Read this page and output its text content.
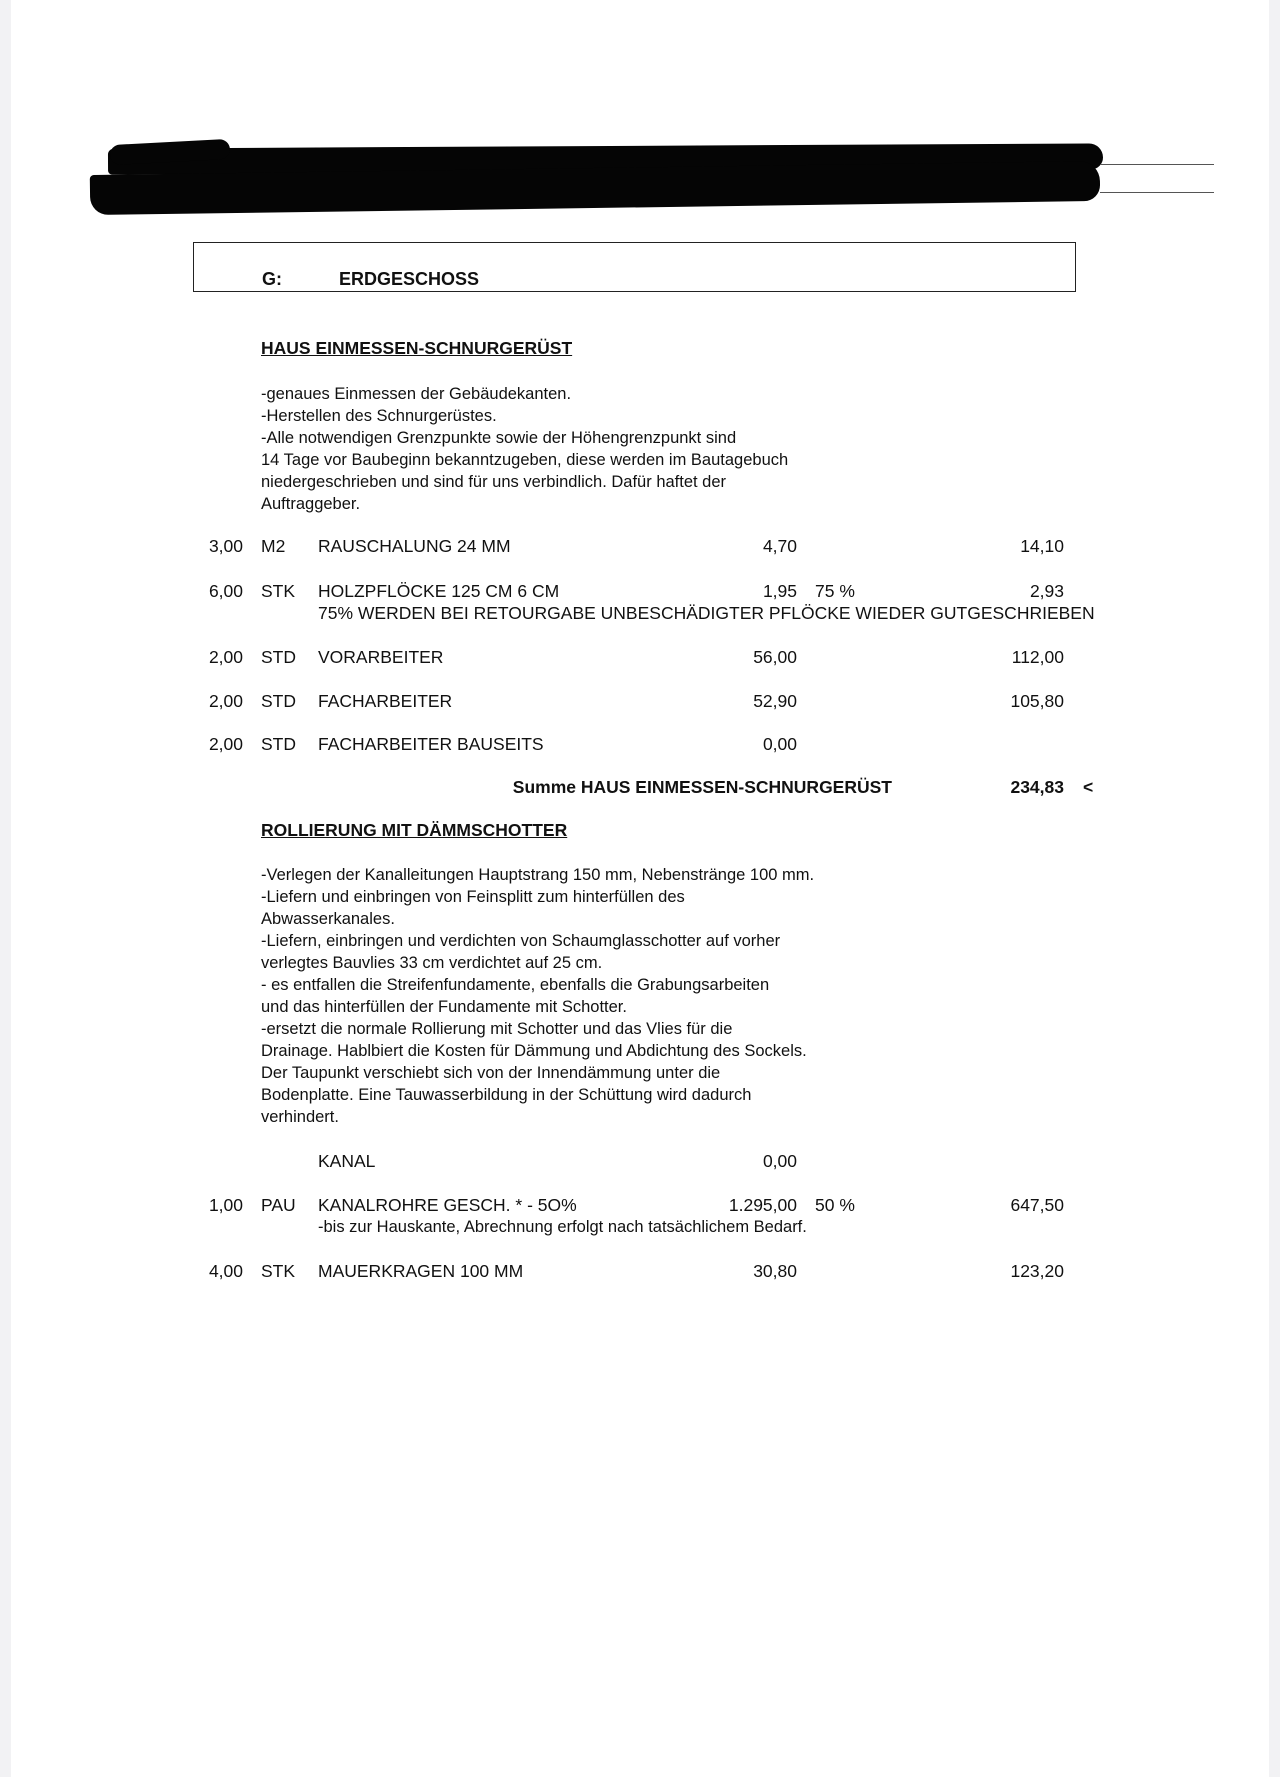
G:	ERDGESCHOSS
HAUS EINMESSEN-SCHNURGERÜST
-genaues Einmessen der Gebäudekanten.
-Herstellen des Schnurgerüstes.
-Alle notwendigen Grenzpunkte sowie der Höhengrenzpunkt sind
14 Tage vor Baubeginn bekanntzugeben, diese werden im Bautagebuch
niedergeschrieben und sind für uns verbindlich. Dafür haftet der
Auftraggeber.
3,00 M2 RAUSCHALUNG 24 MM	4,70	14,10
6,00 STK HOLZPFLÖCKE 125 CM 6 CM	1,95 75 %	2,93
75% WERDEN BEI RETOURGABE UNBESCHÄDIGTER PFLÖCKE WIEDER GUTGESCHRIEBEN
2,00 STD VORARBEITER	56,00	112,00
2,00 STD FACHARBEITER	52,90	105,80
2,00 STD FACHARBEITER BAUSEITS	0,00
Summe HAUS EINMESSEN-SCHNURGERÜST	234,83 <
ROLLIERUNG MIT DÄMMSCHOTTER
-Verlegen der Kanalleitungen Hauptstrang 150 mm, Nebenstränge 100 mm.
-Liefern und einbringen von Feinsplitt zum hinterfüllen des
Abwasserkanales.
-Liefern, einbringen und verdichten von Schaumglasschotter auf vorher
verlegtes Bauvlies 33 cm verdichtet auf 25 cm.
- es entfallen die Streifenfundamente, ebenfalls die Grabungsarbeiten
und das hinterfüllen der Fundamente mit Schotter.
-ersetzt die normale Rollierung mit Schotter und das Vlies für die
Drainage. Hablbiert die Kosten für Dämmung und Abdichtung des Sockels.
Der Taupunkt verschiebt sich von der Innendämmung unter die
Bodenplatte. Eine Tauwasserbildung in der Schüttung wird dadurch
verhindert.
KANAL	0,00
1,00 PAU KANALROHRE GESCH. * - 5O%	1.295,00 50 %	647,50
-bis zur Hauskante, Abrechnung erfolgt nach tatsächlichem Bedarf.
4,00 STK MAUERKRAGEN 100 MM	30,80	123,20
